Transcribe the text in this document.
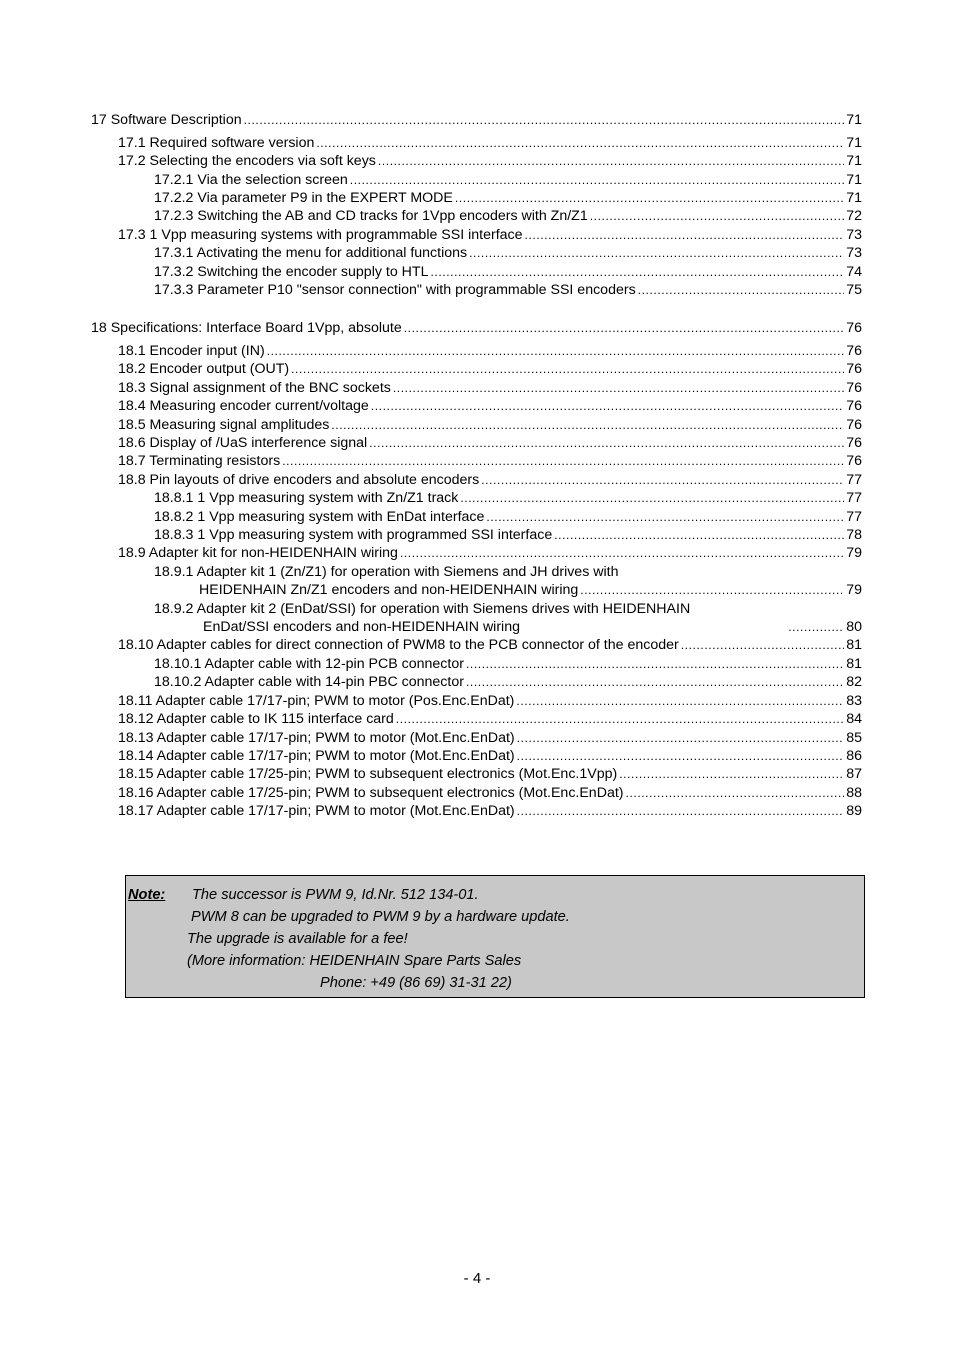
17 Software Description .....	71
17.1 Required software version .....	71
17.2 Selecting the encoders via soft keys .....	71
17.2.1 Via the selection screen .....	71
17.2.2 Via parameter P9 in the EXPERT MODE .....	71
17.2.3 Switching the AB and CD tracks for 1Vpp encoders with Zn/Z1 .....	72
17.3 1 Vpp measuring systems with programmable SSI interface .....	73
17.3.1 Activating the menu for additional functions .....	73
17.3.2 Switching the encoder supply to HTL .....	74
17.3.3 Parameter P10 "sensor connection" with programmable SSI encoders .....	75
18 Specifications: Interface Board 1Vpp, absolute .....	76
18.1 Encoder input (IN) .....	76
18.2 Encoder output (OUT) .....	76
18.3 Signal assignment of the BNC sockets .....	76
18.4 Measuring encoder current/voltage .....	76
18.5 Measuring signal amplitudes .....	76
18.6 Display of /UaS interference signal .....	76
18.7 Terminating resistors .....	76
18.8 Pin layouts of drive encoders and absolute encoders .....	77
18.8.1 1 Vpp measuring system with Zn/Z1 track .....	77
18.8.2 1 Vpp measuring system with EnDat interface .....	77
18.8.3 1 Vpp measuring system with programmed SSI interface .....	78
18.9 Adapter kit for non-HEIDENHAIN wiring .....	79
18.9.1 Adapter kit 1 (Zn/Z1) for operation with Siemens and JH drives with
HEIDENHAIN Zn/Z1 encoders and non-HEIDENHAIN wiring .....	79
18.9.2 Adapter kit 2 (EnDat/SSI) for operation with Siemens drives with HEIDENHAIN
EnDat/SSI encoders and non-HEIDENHAIN wiring .....	80
18.10 Adapter cables for direct connection of PWM8 to the PCB connector of the encoder .....	81
18.10.1 Adapter cable with 12-pin PCB connector .....	81
18.10.2 Adapter cable with 14-pin PBC connector .....	82
18.11 Adapter cable 17/17-pin; PWM to motor (Pos.Enc.EnDat) .....	83
18.12 Adapter cable to IK 115 interface card .....	84
18.13 Adapter cable 17/17-pin; PWM to motor (Mot.Enc.EnDat) .....	85
18.14 Adapter cable 17/17-pin; PWM to motor (Mot.Enc.EnDat) .....	86
18.15 Adapter cable 17/25-pin; PWM to subsequent electronics (Mot.Enc.1Vpp) .....	87
18.16 Adapter cable 17/25-pin; PWM to subsequent electronics (Mot.Enc.EnDat) .....	88
18.17 Adapter cable 17/17-pin; PWM to motor (Mot.Enc.EnDat) .....	89
Note: The successor is PWM 9, Id.Nr. 512 134-01.
PWM 8 can be upgraded to PWM 9 by a hardware update.
The upgrade is available for a fee!
(More information: HEIDENHAIN Spare Parts Sales
Phone: +49 (86 69) 31-31 22)
- 4 -
